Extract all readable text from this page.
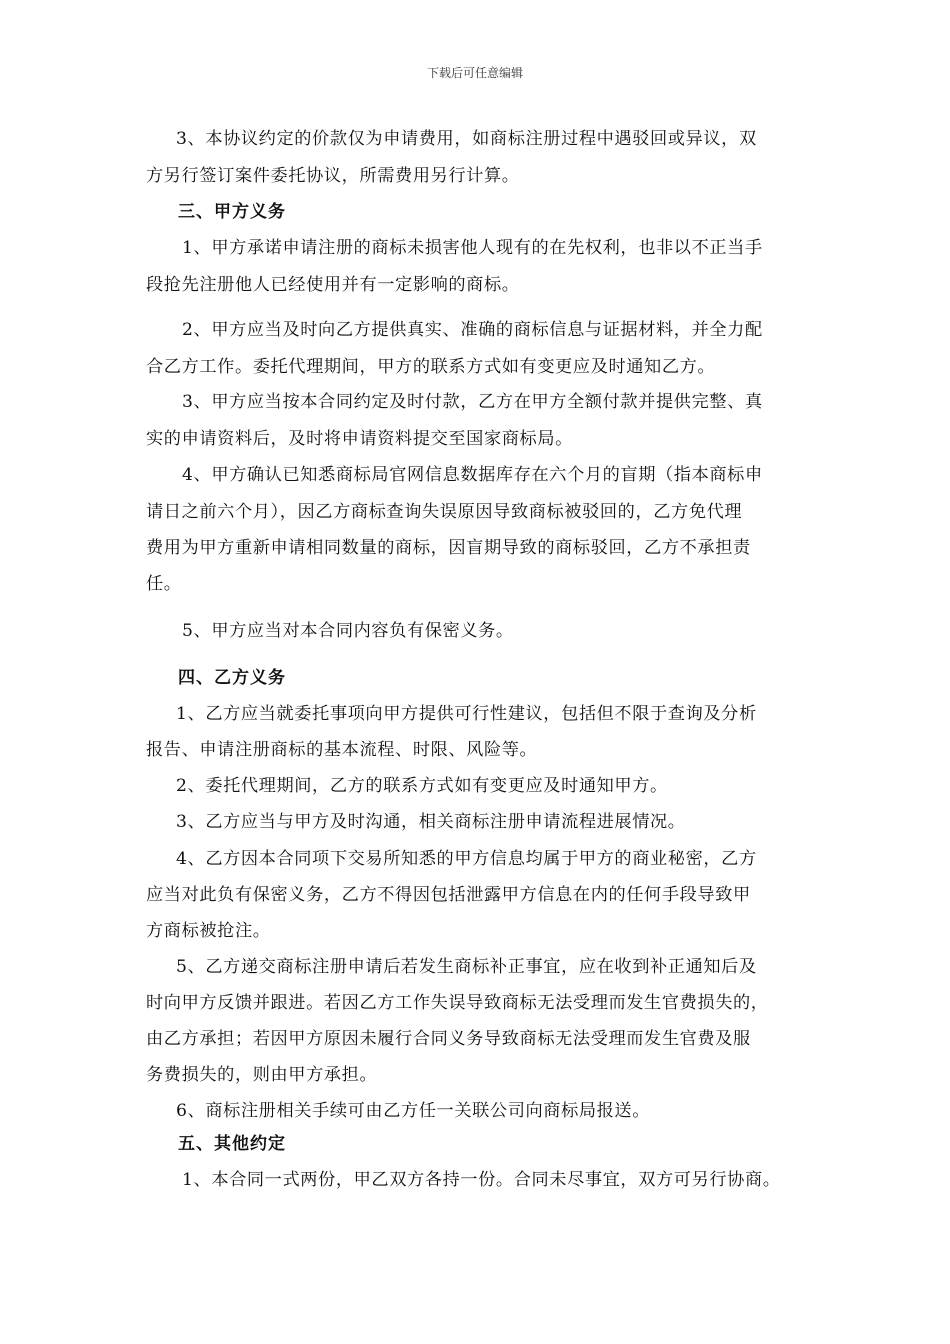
下载后可任意编辑
3、本协议约定的价款仅为申请费用，如商标注册过程中遇驳回或异议，双
方另行签订案件委托协议，所需费用另行计算。
三、甲方义务
1、甲方承诺申请注册的商标未损害他人现有的在先权利，也非以不正当手
段抢先注册他人已经使用并有一定影响的商标。
2、甲方应当及时向乙方提供真实、准确的商标信息与证据材料，并全力配
合乙方工作。委托代理期间，甲方的联系方式如有变更应及时通知乙方。
3、甲方应当按本合同约定及时付款，乙方在甲方全额付款并提供完整、真
实的申请资料后，及时将申请资料提交至国家商标局。
4、甲方确认已知悉商标局官网信息数据库存在六个月的盲期（指本商标申
请日之前六个月），因乙方商标查询失误原因导致商标被驳回的，乙方免代理
费用为甲方重新申请相同数量的商标，因盲期导致的商标驳回，乙方不承担责
任。
5、甲方应当对本合同内容负有保密义务。
四、乙方义务
1、乙方应当就委托事项向甲方提供可行性建议，包括但不限于查询及分析
报告、申请注册商标的基本流程、时限、风险等。
2、委托代理期间，乙方的联系方式如有变更应及时通知甲方。
3、乙方应当与甲方及时沟通，相关商标注册申请流程进展情况。
4、乙方因本合同项下交易所知悉的甲方信息均属于甲方的商业秘密，乙方
应当对此负有保密义务，乙方不得因包括泄露甲方信息在内的任何手段导致甲
方商标被抢注。
5、乙方递交商标注册申请后若发生商标补正事宜，应在收到补正通知后及
时向甲方反馈并跟进。若因乙方工作失误导致商标无法受理而发生官费损失的，
由乙方承担；若因甲方原因未履行合同义务导致商标无法受理而发生官费及服
务费损失的，则由甲方承担。
6、商标注册相关手续可由乙方任一关联公司向商标局报送。
五、其他约定
1、本合同一式两份，甲乙双方各持一份。合同未尽事宜，双方可另行协商。
